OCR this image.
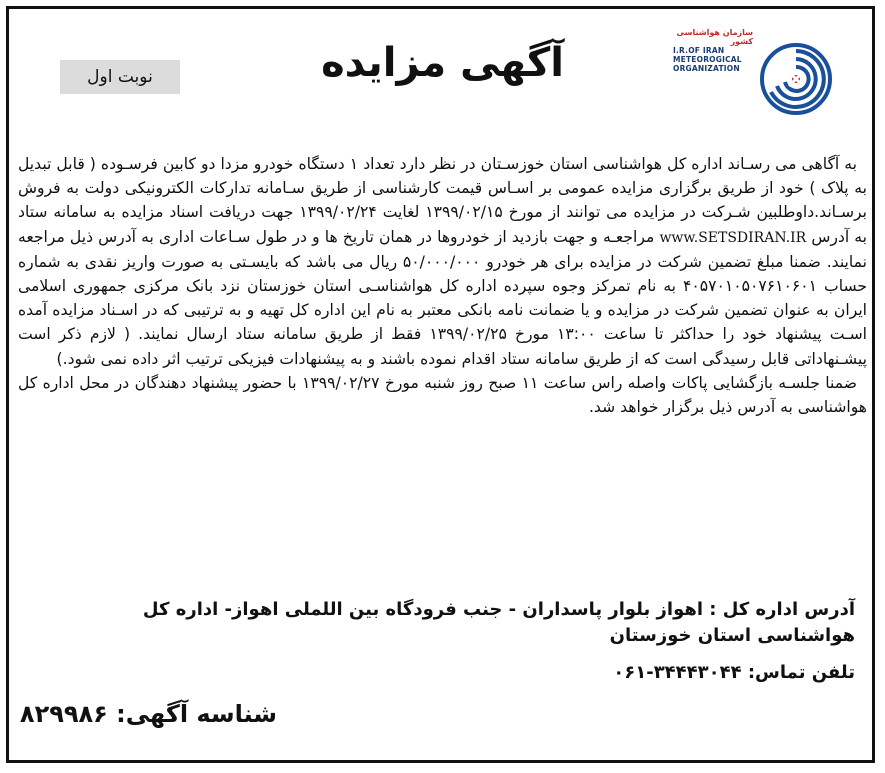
سازمان هواشناسی کشور
I.R.OF IRAN
METEOROGICAL
ORGANIZATION
آگهی مزایده
نوبت اول

به آگاهی می رسـاند اداره کل هواشناسی استان خوزسـتان در نظر دارد تعداد ۱ دستگاه خودرو مزدا دو کابین فرسـوده ( قابل تبدیل به پلاک ) خود از طریق برگزاری مزایده عمومی بر اسـاس قیمت کارشناسی از طریق سـامانه تدارکات الکترونیکی دولت به فروش برسـاند.داوطلبین شـرکت در مزایده می توانند از مورخ ۱۳۹۹/۰۲/۱۵ لغایت ۱۳۹۹/۰۲/۲۴ جهت دریافت اسناد مزایده به سامانه ستاد به آدرس www.SETSDIRAN.IR مراجعـه و جهت بازدید از خودروها در همان تاریخ ها و در طول سـاعات اداری به آدرس ذیل مراجعه نمایند. ضمنا مبلغ تضمین شرکت در مزایده برای هر خودرو ۵۰/۰۰۰/۰۰۰ ریال می باشد که بایسـتی به صورت واریز نقدی به شماره حساب ۴۰۵۷۰۱۰۵۰۷۶۱۰۶۰۱ به نام تمرکز وجوه سپرده اداره کل هواشناسـی استان خوزستان نزد بانک مرکزی جمهوری اسلامی ایران به عنوان تضمین شرکت در مزایده و یا ضمانت نامه بانکی معتبر به نام این اداره کل تهیه و به ترتیبی که در اسـناد مزایده آمده اسـت پیشنهاد خود را حداکثر تا ساعت ۱۳:۰۰ مورخ ۱۳۹۹/۰۲/۲۵ فقط از طریق سامانه ستاد ارسال نمایند. ( لازم ذکر است پیشـنهاداتی قابل رسیدگی است که از طریق سامانه ستاد اقدام نموده باشند و به پیشنهادات فیزیکی ترتیب اثر داده نمی شود.)

ضمنا جلسـه بازگشایی پاکات واصله راس ساعت ۱۱ صبح روز شنبه مورخ ۱۳۹۹/۰۲/۲۷ با حضور پیشنهاد دهندگان در محل اداره کل هواشناسی به آدرس ذیل برگزار خواهد شد.

آدرس اداره کل : اهواز بلوار پاسداران - جنب فرودگاه بین اللملی اهواز- اداره کل هواشناسی استان خوزستان
تلفن تماس: ۳۴۴۴۳۰۴۴-۰۶۱
شناسه آگهی: ۸۲۹۹۸۶
